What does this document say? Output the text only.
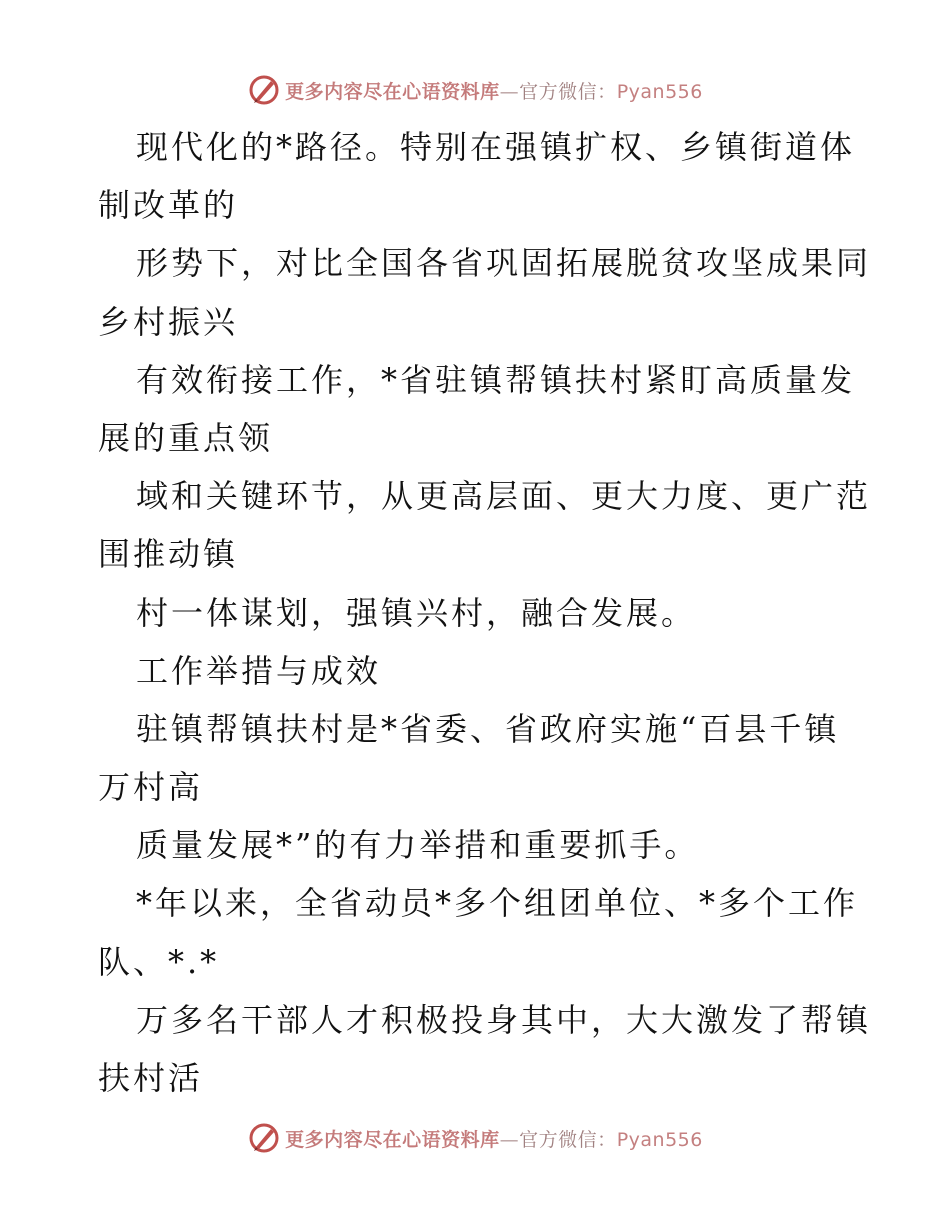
更多内容尽在心语资料库—官方微信：Pyan556
现代化的*路径。特别在强镇扩权、乡镇街道体
制改革的
形势下，对比全国各省巩固拓展脱贫攻坚成果同
乡村振兴
有效衔接工作，*省驻镇帮镇扶村紧盯高质量发
展的重点领
域和关键环节，从更高层面、更大力度、更广范
围推动镇
村一体谋划，强镇兴村，融合发展。
工作举措与成效
驻镇帮镇扶村是*省委、省政府实施“百县千镇
万村高
质量发展*”的有力举措和重要抓手。
*年以来，全省动员*多个组团单位、*多个工作
队、*.*
万多名干部人才积极投身其中，大大激发了帮镇
扶村活
更多内容尽在心语资料库—官方微信：Pyan556
